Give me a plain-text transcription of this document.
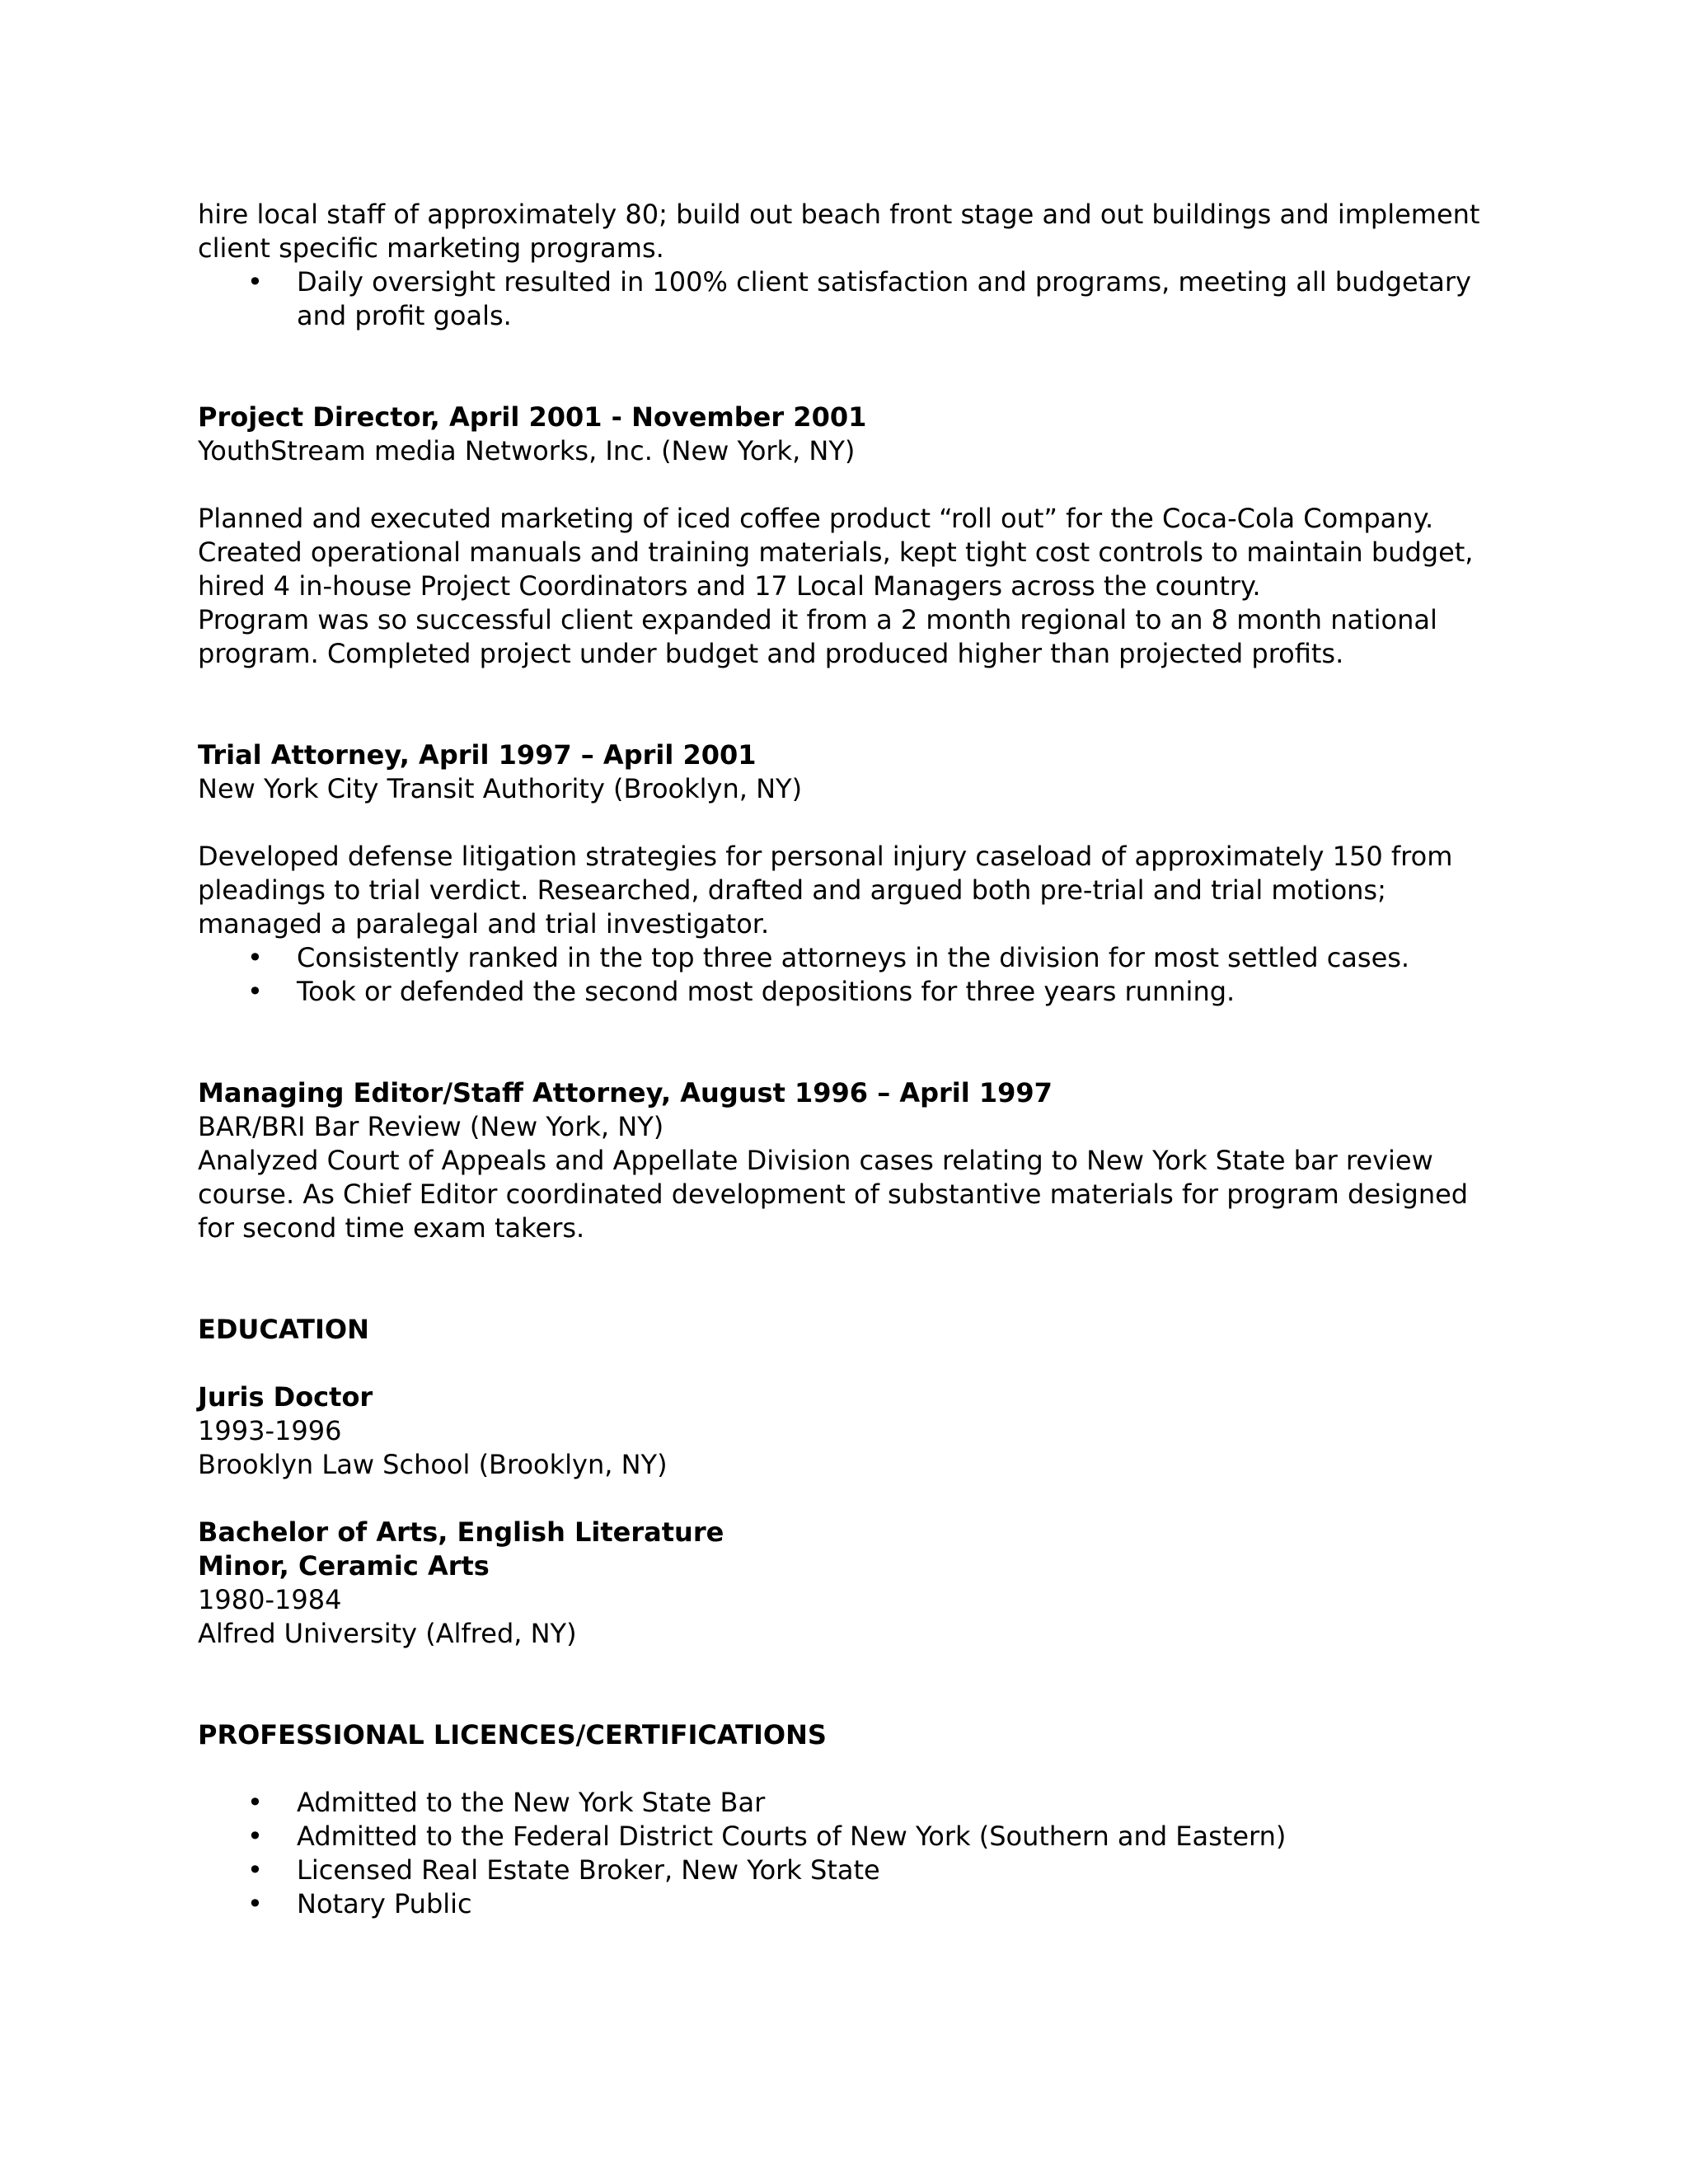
hire local staff of approximately 80; build out beach front stage and out buildings and implement client specific marketing programs.

• Daily oversight resulted in 100% client satisfaction and programs, meeting all budgetary and profit goals.

Project Director, April 2001 - November 2001

YouthStream media Networks, Inc. (New York, NY)

Planned and executed marketing of iced coffee product “roll out” for the Coca-Cola Company. Created operational manuals and training materials, kept tight cost controls to maintain budget, hired 4 in-house Project Coordinators and 17 Local Managers across the country.

Program was so successful client expanded it from a 2 month regional to an 8 month national program. Completed project under budget and produced higher than projected profits.

Trial Attorney, April 1997 – April 2001

New York City Transit Authority (Brooklyn, NY)

Developed defense litigation strategies for personal injury caseload of approximately 150 from pleadings to trial verdict. Researched, drafted and argued both pre-trial and trial motions; managed a paralegal and trial investigator.

• Consistently ranked in the top three attorneys in the division for most settled cases.
• Took or defended the second most depositions for three years running.

Managing Editor/Staff Attorney, August 1996 – April 1997

BAR/BRI Bar Review (New York, NY)

Analyzed Court of Appeals and Appellate Division cases relating to New York State bar review course. As Chief Editor coordinated development of substantive materials for program designed for second time exam takers.

EDUCATION

Juris Doctor

1993-1996

Brooklyn Law School (Brooklyn, NY)

Bachelor of Arts, English Literature

Minor, Ceramic Arts

1980-1984

Alfred University (Alfred, NY)

PROFESSIONAL LICENCES/CERTIFICATIONS

• Admitted to the New York State Bar
• Admitted to the Federal District Courts of New York (Southern and Eastern)
• Licensed Real Estate Broker, New York State
• Notary Public
